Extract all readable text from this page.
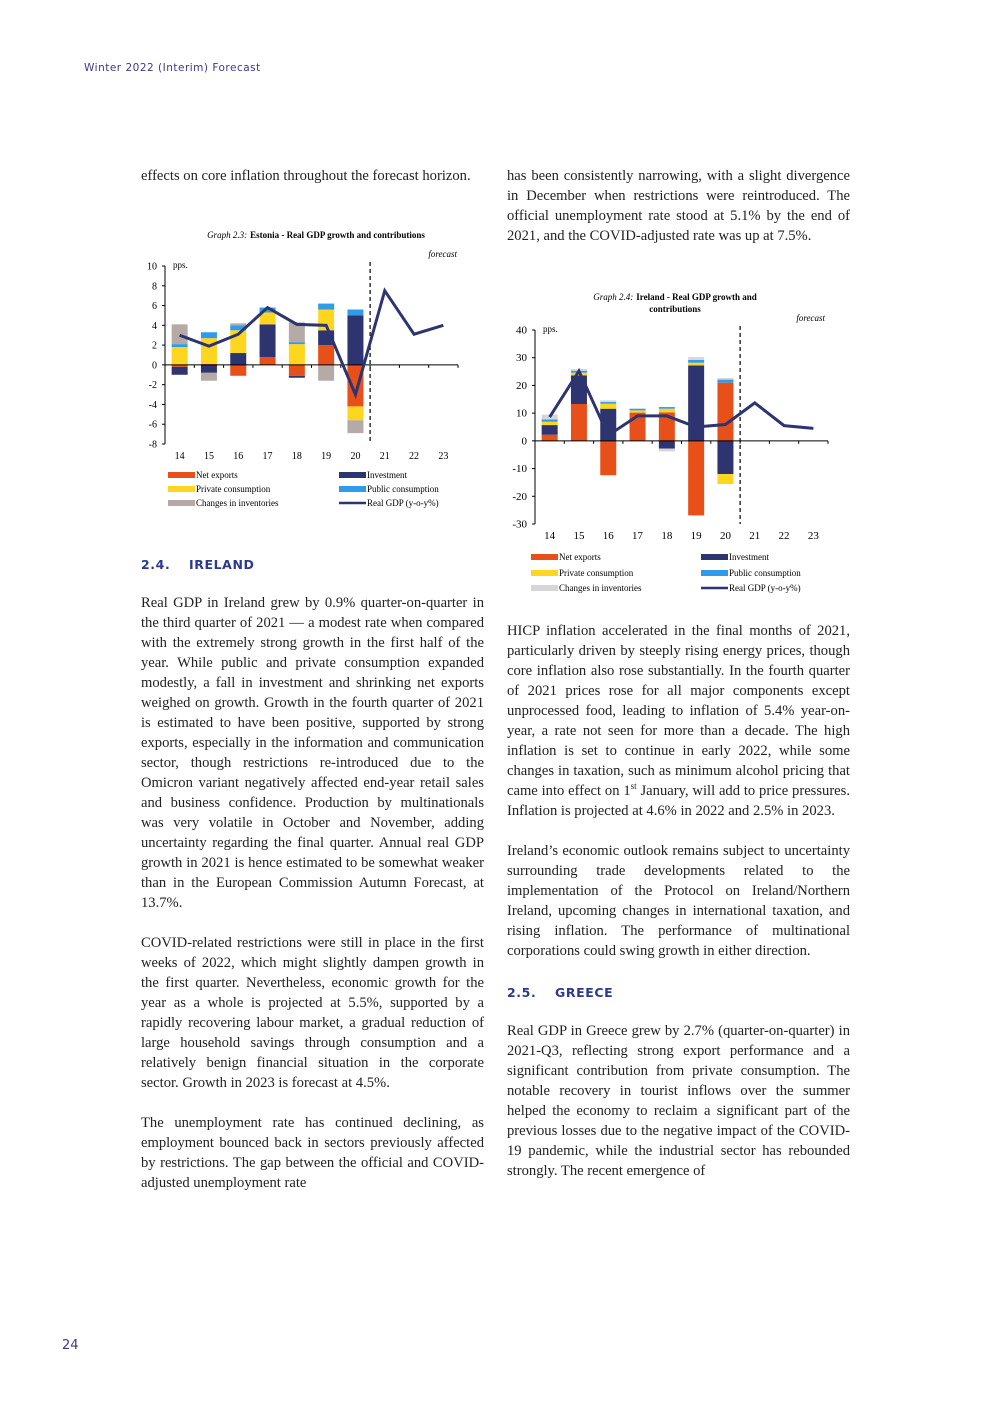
Winter 2022 (Interim) Forecast

effects on core inflation throughout the forecast horizon.

Graph 2.3: Estonia - Real GDP growth and contributions
forecast
pps.
-8
-6
-4
-2
0
2
4
6
8
10
14 15 16 17 18 19 20 21 22 23
Net exports	Investment
Private consumption	Public consumption
Changes in inventories	Real GDP (y-o-y%)
2.4. IRELAND

Real GDP in Ireland grew by 0.9% quarter-on-quarter in the third quarter of 2021 — a modest rate when compared with the extremely strong growth in the first half of the year. While public and private consumption expanded modestly, a fall in investment and shrinking net exports weighed on growth. Growth in the fourth quarter of 2021 is estimated to have been positive, supported by strong exports, especially in the information and communication sector, though restrictions re-introduced due to the Omicron variant negatively affected end-year retail sales and business confidence. Production by multinationals was very volatile in October and November, adding uncertainty regarding the final quarter. Annual real GDP growth in 2021 is hence estimated to be somewhat weaker than in the European Commission Autumn Forecast, at 13.7%.

COVID-related restrictions were still in place in the first weeks of 2022, which might slightly dampen growth in the first quarter. Nevertheless, economic growth for the year as a whole is projected at 5.5%, supported by a rapidly recovering labour market, a gradual reduction of large household savings through consumption and a relatively benign financial situation in the corporate sector. Growth in 2023 is forecast at 4.5%.

The unemployment rate has continued declining, as employment bounced back in sectors previously affected by restrictions. The gap between the official and COVID-adjusted unemployment rate

has been consistently narrowing, with a slight divergence in December when restrictions were reintroduced. The official unemployment rate stood at 5.1% by the end of 2021, and the COVID-adjusted rate was up at 7.5%.

Graph 2.4: Ireland - Real GDP growth and
contributions
forecast
pps.
-30
-20
-10
0
10
20
30
40
14 15 16 17 18 19 20 21 22 23
Net exports	Investment
Private consumption	Public consumption
Changes in inventories	Real GDP (y-o-y%)

HICP inflation accelerated in the final months of 2021, particularly driven by steeply rising energy prices, though core inflation also rose substantially. In the fourth quarter of 2021 prices rose for all major components except unprocessed food, leading to inflation of 5.4% year-on-year, a rate not seen for more than a decade. The high inflation is set to continue in early 2022, while some changes in taxation, such as minimum alcohol pricing that came into effect on 1st January, will add to price pressures. Inflation is projected at 4.6% in 2022 and 2.5% in 2023.

Ireland’s economic outlook remains subject to uncertainty surrounding trade developments related to the implementation of the Protocol on Ireland/Northern Ireland, upcoming changes in international taxation, and rising inflation. The performance of multinational corporations could swing growth in either direction.

2.5. GREECE

Real GDP in Greece grew by 2.7% (quarter-on-quarter) in 2021-Q3, reflecting strong export performance and a significant contribution from private consumption. The notable recovery in tourist inflows over the summer helped the economy to reclaim a significant part of the previous losses due to the negative impact of the COVID-19 pandemic, while the industrial sector has rebounded strongly. The recent emergence of

24
